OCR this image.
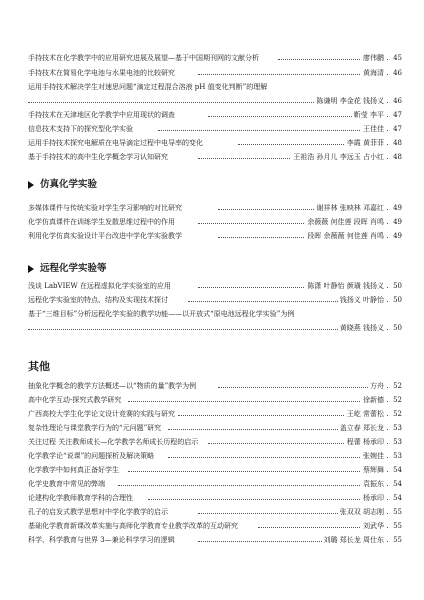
手持技术在化学教学中的应用研究进展及展望—基于中国期刊网的文献分析	廖伟鹏 45
手持技术在简易化学电池与水果电池的比较研究	黄海清 46
运用手持技术解决学生对速思问题“滴定过程混合溶液 pH 值变化判断”的理解
陈谦明 李金花 钱扬义 46
手持技术在天津地区化学教学中应用现状的调查	靳莹 李平 47
信息技术支持下的探究型化学实验	王佳佳 47
运用手持技术探究电解质在电导滴定过程中电导率的变化	李霞 黄菲菲 48
基于手持技术的高中生化学概念学习认知研究	王祖浩 孙月儿 李远玉 占小红 48
仿真化学实验
多媒体课件与传统实验对学生学习影响的对比研究	谢祥林 张映林 邓嘉红 49
化学仿真课件在训练学生发散思维过程中的作用	余薇薇 何佳莲 段晖 肖鸣 49
利用化学仿真实验设计平台改进中学化学实验教学	段晖 余薇薇 何佳莲 肖鸣 49
远程化学实验等
浅谈 LabVIEW 在远程虚拟化学实验室的应用	陈潇 叶静怡 颜璜 钱扬义 50
远程化学实验室的特点、结构及实现技术探讨	钱扬义 叶静怡 50
基于“三维目标”分析远程化学实验的教学功能——以开放式“原电池远程化学实验”为例
黄晓燕 钱扬义 50
其他
抽象化学概念的教学方法概述—以“物质的量”教学为例	方舟 52
高中化学互动-探究式教学研究	徐新德 52
广西高校大学生化学论文设计竞赛的实践与研究	王屹 常蕾松 52
复杂性理论与课堂教学行为的“元问题”研究	盖立春 郑长龙 53
关注过程 关注教师成长—化学教学名师成长历程的启示	程蕾 杨承印 53
化学教学论“说课”的问题探析及解决策略	张婉佳 53
化学教学中如何真正备好学生	蔡辉舞 54
化学史教育中常见的弊端	袁振东 54
论建构化学教师教育学科的合理性	杨承印 54
孔子的启发式教学思想对中学化学教学的启示	张双双 胡志刚 55
基础化学教育新课改革实施与高师化学教育专业教学改革的互动研究	刘武华 55
科学、科学教育与世界 3—兼论科学学习的逻辑	刘璐 郑长龙 周仕东 55
